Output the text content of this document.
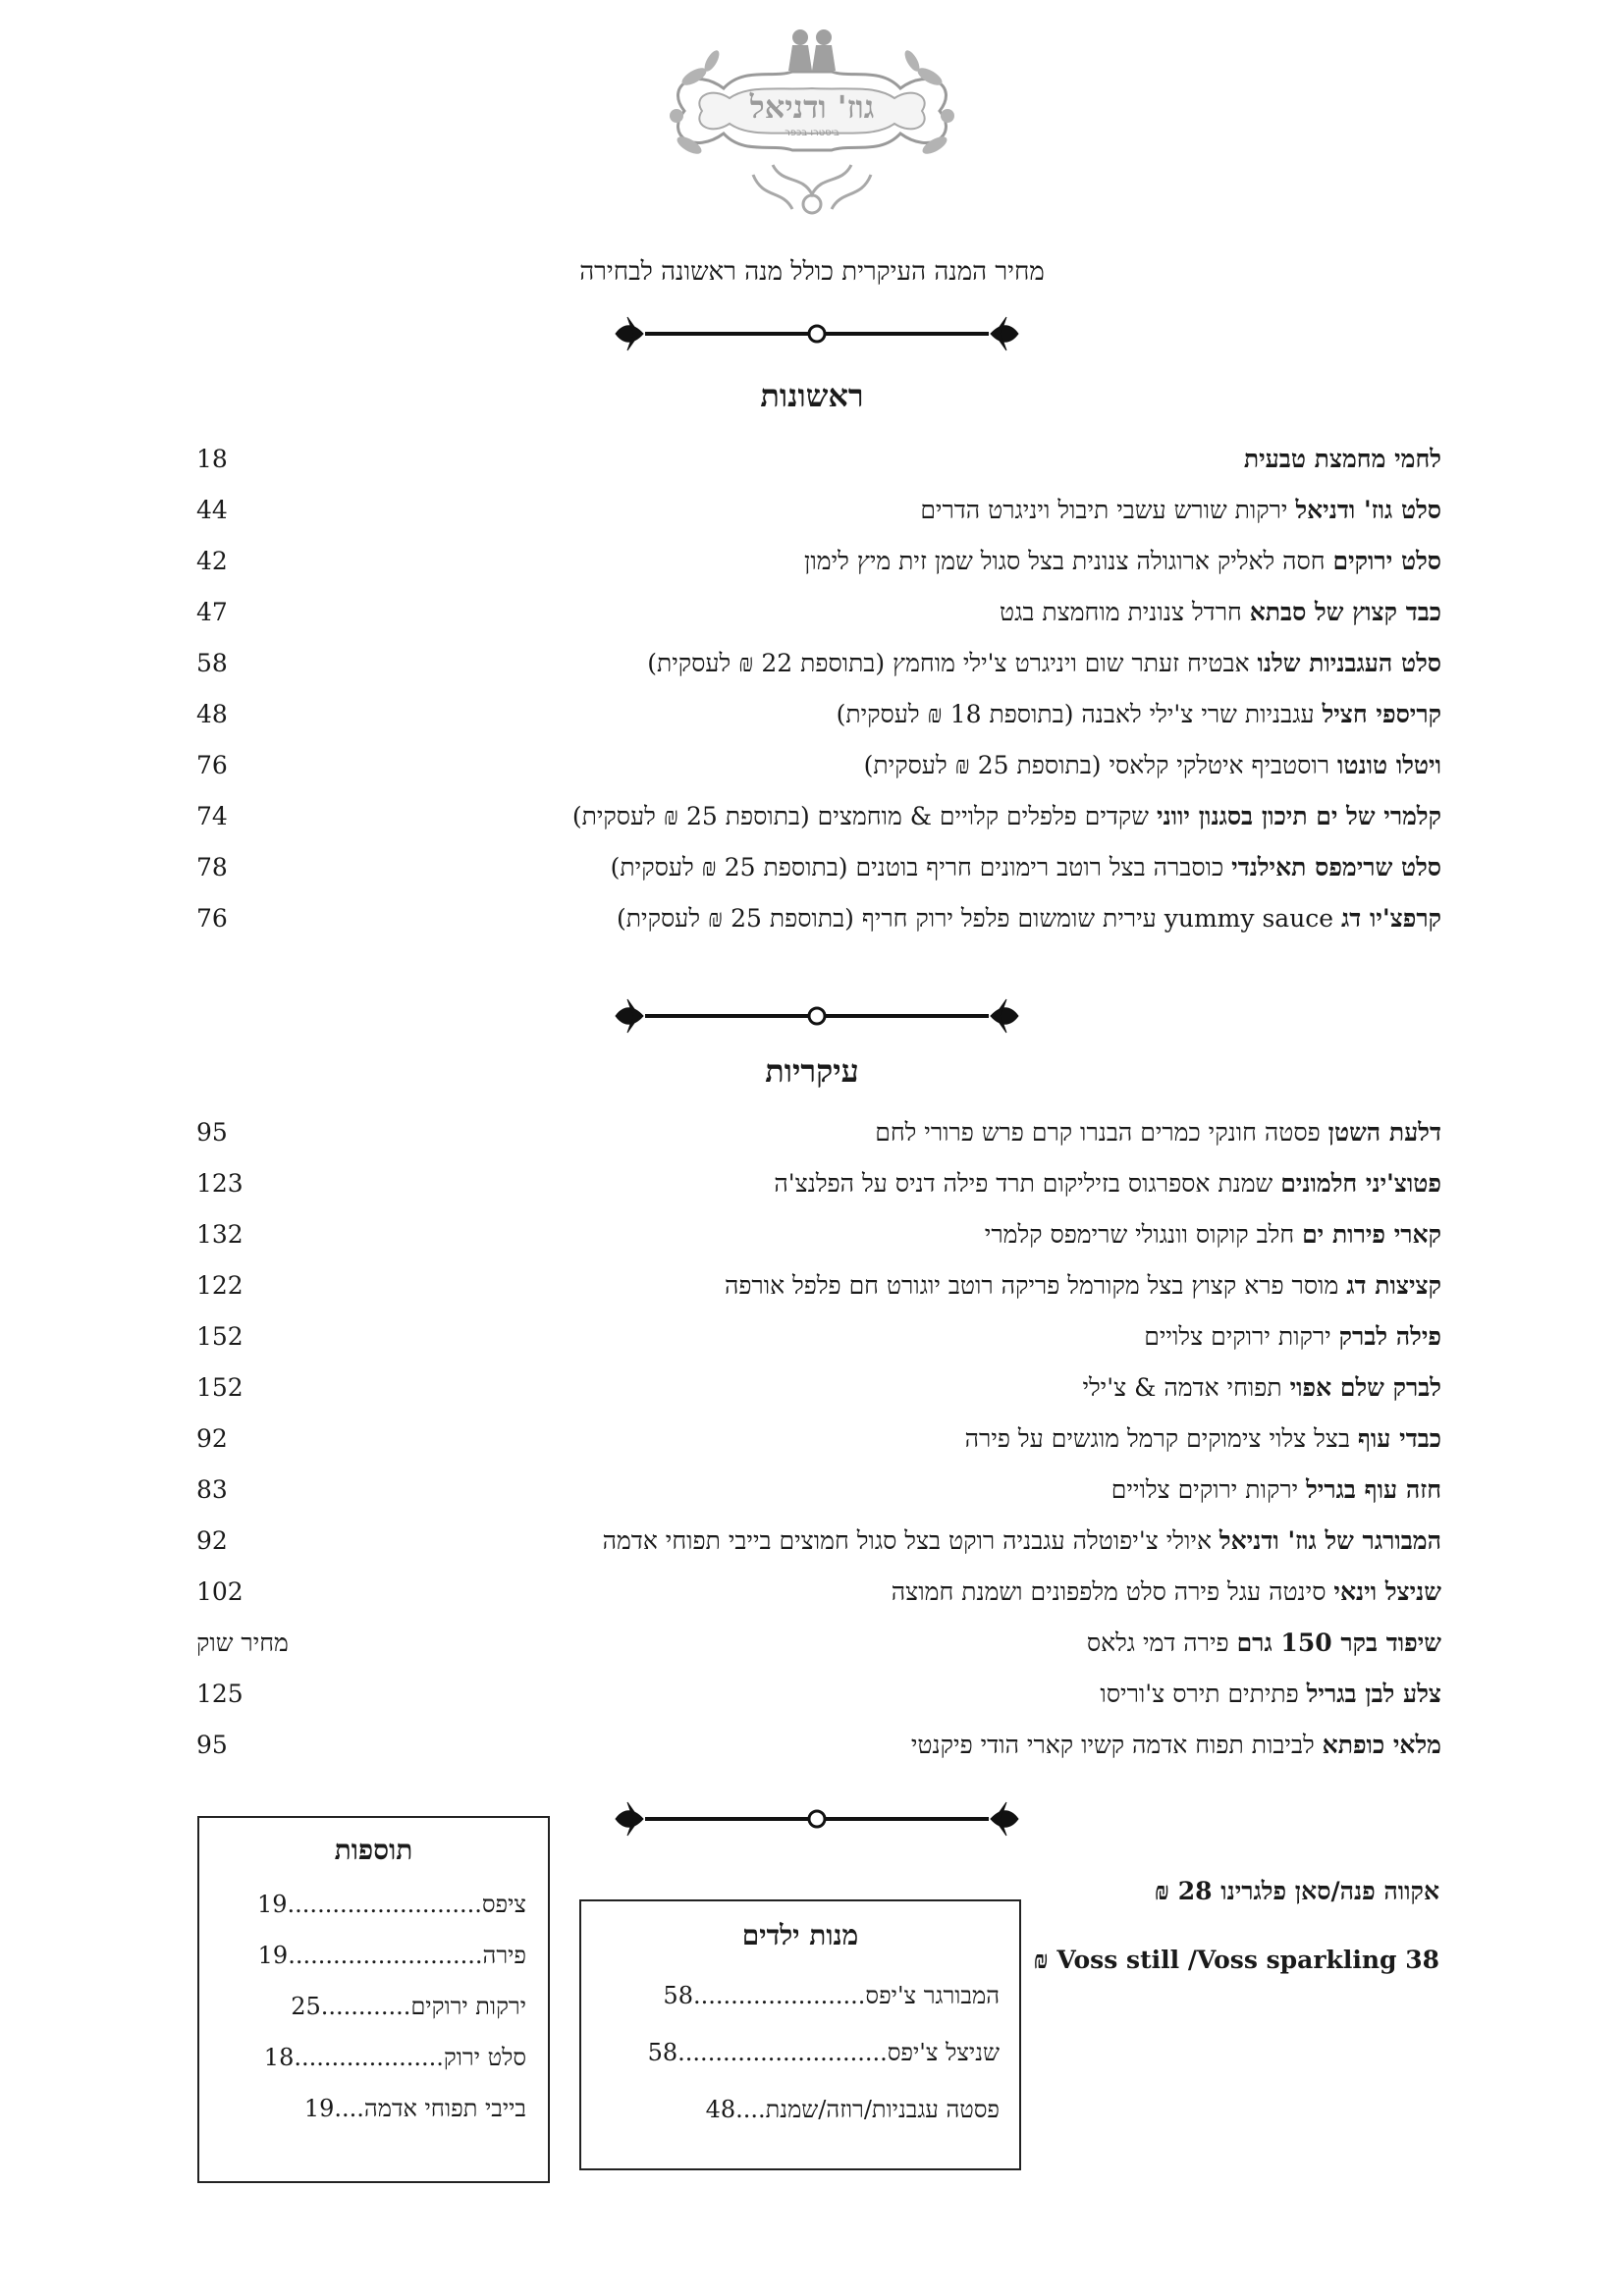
גוז' ודניאל
ביסטרו בכפר
מחיר המנה העיקרית כולל מנה ראשונה לבחירה
ראשונות
לחמי מחמצת טבעית
18
סלט גוז' ודניאל ירקות שורש עשבי תיבול ויניגרט הדרים
44
סלט ירוקים חסה לאליק ארוגולה צנונית בצל סגול שמן זית מיץ לימון
42
כבד קצוץ של סבתא חרדל צנונית מוחמצת בגט
47
סלט העגבניות שלנו אבטיח זעתר שום ויניגרט צ'ילי מוחמץ (בתוספת 22 ₪ לעסקית)
58
קריספי חציל עגבניות שרי צ'ילי לאבנה (בתוספת 18 ₪ לעסקית)
48
ויטלו טונטו רוסטביף איטלקי קלאסי (בתוספת 25 ₪ לעסקית)
76
קלמרי של ים תיכון בסגנון יווני שקדים פלפלים קלויים & מוחמצים (בתוספת 25 ₪ לעסקית)
74
סלט שרימפס תאילנדי כוסברה בצל רוטב רימונים חריף בוטנים (בתוספת 25 ₪ לעסקית)
78
קרפצ'יו דג yummy sauce עירית שומשום פלפל ירוק חריף (בתוספת 25 ₪ לעסקית)
76
עיקריות
דלעת השטן פסטה חונקי כמרים הבנרו קרם פרש פרורי לחם
95
פטוצ'יני חלמונים שמנת אספרגוס בזיליקום תרד פילה דניס על הפלנצ'ה
123
קארי פירות ים חלב קוקוס וונגולי שרימפס קלמרי
132
קציצות דג מוסר פרא קצוץ בצל מקורמל פריקה רוטב יוגורט חם פלפל אורפה
122
פילה לברק ירקות ירוקים צלויים
152
לברק שלם אפוי תפוחי אדמה & צ'ילי
152
כבדי עוף בצל צלוי צימוקים קרמל מוגשים על פירה
92
חזה עוף בגריל ירקות ירוקים צלויים
83
המבורגר של גוז' ודניאל איולי צ'יפוטלה עגבניה רוקט בצל סגול חמוצים בייבי תפוחי אדמה
92
שניצל וינאי סינטה עגל פירה סלט מלפפונים ושמנת חמוצה
102
שיפוד בקר 150 גרם פירה דמי גלאס
מחיר שוק
צלע לבן בגריל פתיתים תירס צ'וריסו
125
מלאי כופתא לביבות תפוח אדמה קשיו קארי הודי פיקנטי
95
תוספות
ציפס..........................19
פירה..........................19
ירקות ירוקים............25
סלט ירוק....................18
בייבי תפוחי אדמה....19
מנות ילדים
המבורגר צ'יפס.......................58
שניצל צ'יפס............................58
פסטה עגבניות/רוזה/שמנת....48
אקווה פנה/סאן פלגרינו 28 ₪
Voss still /Voss sparkling 38 ₪
